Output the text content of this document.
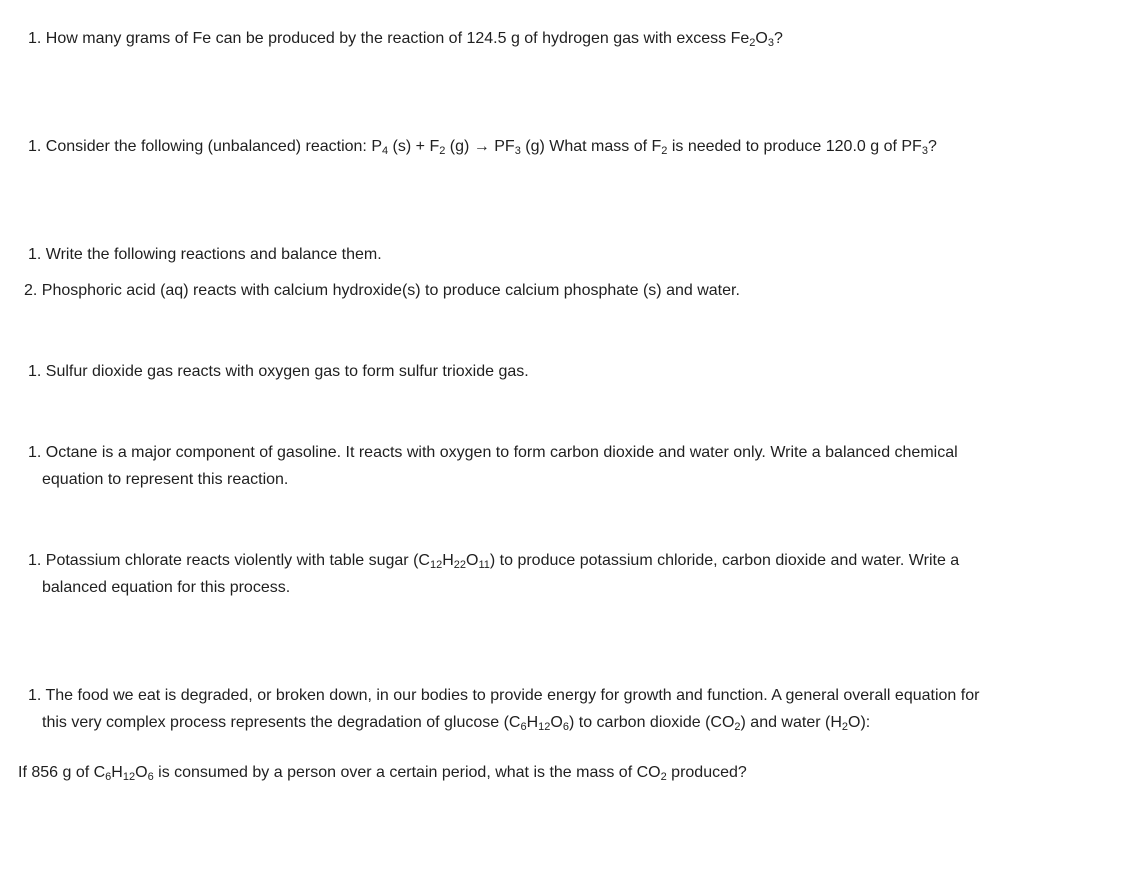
1. How many grams of Fe can be produced by the reaction of 124.5 g of hydrogen gas with excess $Fe_2O_3$?
1. Consider the following (unbalanced) reaction: $P_4$ $(s) + F_2$ $(g) \to PF_3$ (g) What mass of $F_2$ is needed to produce 120.0 g of $PF_3$?
1. Write the following reactions and balance them.
2. Phosphoric acid (aq) reacts with calcium hydroxide(s) to produce calcium phosphate (s) and water.
1. Sulfur dioxide gas reacts with oxygen gas to form sulfur trioxide gas.
1. Octane is a major component of gasoline. It reacts with oxygen to form carbon dioxide and water only. Write a balanced chemical
equation to represent this reaction.
1. Potassium chlorate reacts violently with table sugar $(C_{12}H_{22}O_{11})$ to produce potassium chloride, carbon dioxide and water. Write a
balanced equation for this process.
1. The food we eat is degraded, or broken down, in our bodies to provide energy for growth and function. A general overall equation for
this very complex process represents the degradation of glucose $(C_6H_{12}O_6)$ to carbon dioxide $(CO_2)$ and water $(H_2O)$:
If 856 g of $C_6H_{12}O_6$ is consumed by a person over a certain period, what is the mass of $CO_2$ produced?
